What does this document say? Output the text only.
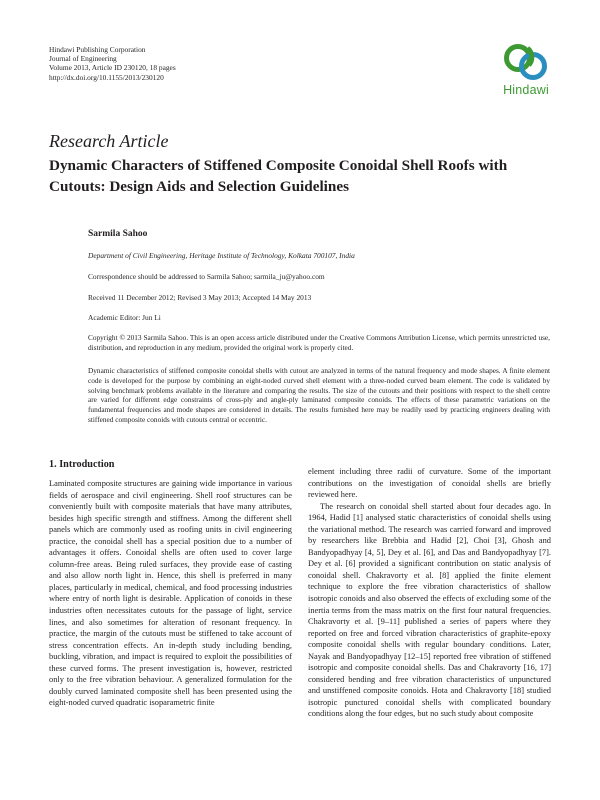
Hindawi Publishing Corporation
Journal of Engineering
Volume 2013, Article ID 230120, 18 pages
http://dx.doi.org/10.1155/2013/230120
Hindawi
Research Article
Dynamic Characters of Stiffened Composite Conoidal Shell Roofs with Cutouts: Design Aids and Selection Guidelines
Sarmila Sahoo
Department of Civil Engineering, Heritage Institute of Technology, Kolkata 700107, India
Correspondence should be addressed to Sarmila Sahoo; sarmila_ju@yahoo.com
Received 11 December 2012; Revised 3 May 2013; Accepted 14 May 2013
Academic Editor: Jun Li
Copyright © 2013 Sarmila Sahoo. This is an open access article distributed under the Creative Commons Attribution License, which permits unrestricted use, distribution, and reproduction in any medium, provided the original work is properly cited.
Dynamic characteristics of stiffened composite conoidal shells with cutout are analyzed in terms of the natural frequency and mode shapes. A finite element code is developed for the purpose by combining an eight-noded curved shell element with a three-noded curved beam element. The code is validated by solving benchmark problems available in the literature and comparing the results. The size of the cutouts and their positions with respect to the shell centre are varied for different edge constraints of cross-ply and angle-ply laminated composite conoids. The effects of these parametric variations on the fundamental frequencies and mode shapes are considered in details. The results furnished here may be readily used by practicing engineers dealing with stiffened composite conoids with cutouts central or eccentric.
1. Introduction

Laminated composite structures are gaining wide importance in various fields of aerospace and civil engineering. Shell roof structures can be conveniently built with composite materials that have many attributes, besides high specific strength and stiffness. Among the different shell panels which are commonly used as roofing units in civil engineering practice, the conoidal shell has a special position due to a number of advantages it offers. Conoidal shells are often used to cover large column-free areas. Being ruled surfaces, they provide ease of casting and also allow north light in. Hence, this shell is preferred in many places, particularly in medical, chemical, and food processing industries where entry of north light is desirable. Application of conoids in these industries often necessitates cutouts for the passage of light, service lines, and also sometimes for alteration of resonant frequency. In practice, the margin of the cutouts must be stiffened to take account of stress concentration effects. An in-depth study including bending, buckling, vibration, and impact is required to exploit the possibilities of these curved forms. The present investigation is, however, restricted only to the free vibration behaviour. A generalized formulation for the doubly curved laminated composite shell has been presented using the eight-noded curved quadratic isoparametric finite

element including three radii of curvature. Some of the important contributions on the investigation of conoidal shells are briefly reviewed here.

The research on conoidal shell started about four decades ago. In 1964, Hadid [1] analysed static characteristics of conoidal shells using the variational method. The research was carried forward and improved by researchers like Brebbia and Hadid [2], Choi [3], Ghosh and Bandyopadhyay [4, 5], Dey et al. [6], and Das and Bandyopadhyay [7]. Dey et al. [6] provided a significant contribution on static analysis of conoidal shell. Chakravorty et al. [8] applied the finite element technique to explore the free vibration characteristics of shallow isotropic conoids and also observed the effects of excluding some of the inertia terms from the mass matrix on the first four natural frequencies. Chakravorty et al. [9–11] published a series of papers where they reported on free and forced vibration characteristics of graphite-epoxy composite conoidal shells with regular boundary conditions. Later, Nayak and Bandyopadhyay [12–15] reported free vibration of stiffened isotropic and composite conoidal shells. Das and Chakravorty [16, 17] considered bending and free vibration characteristics of unpunctured and unstiffened composite conoids. Hota and Chakravorty [18] studied isotropic punctured conoidal shells with complicated boundary conditions along the four edges, but no such study about composite
